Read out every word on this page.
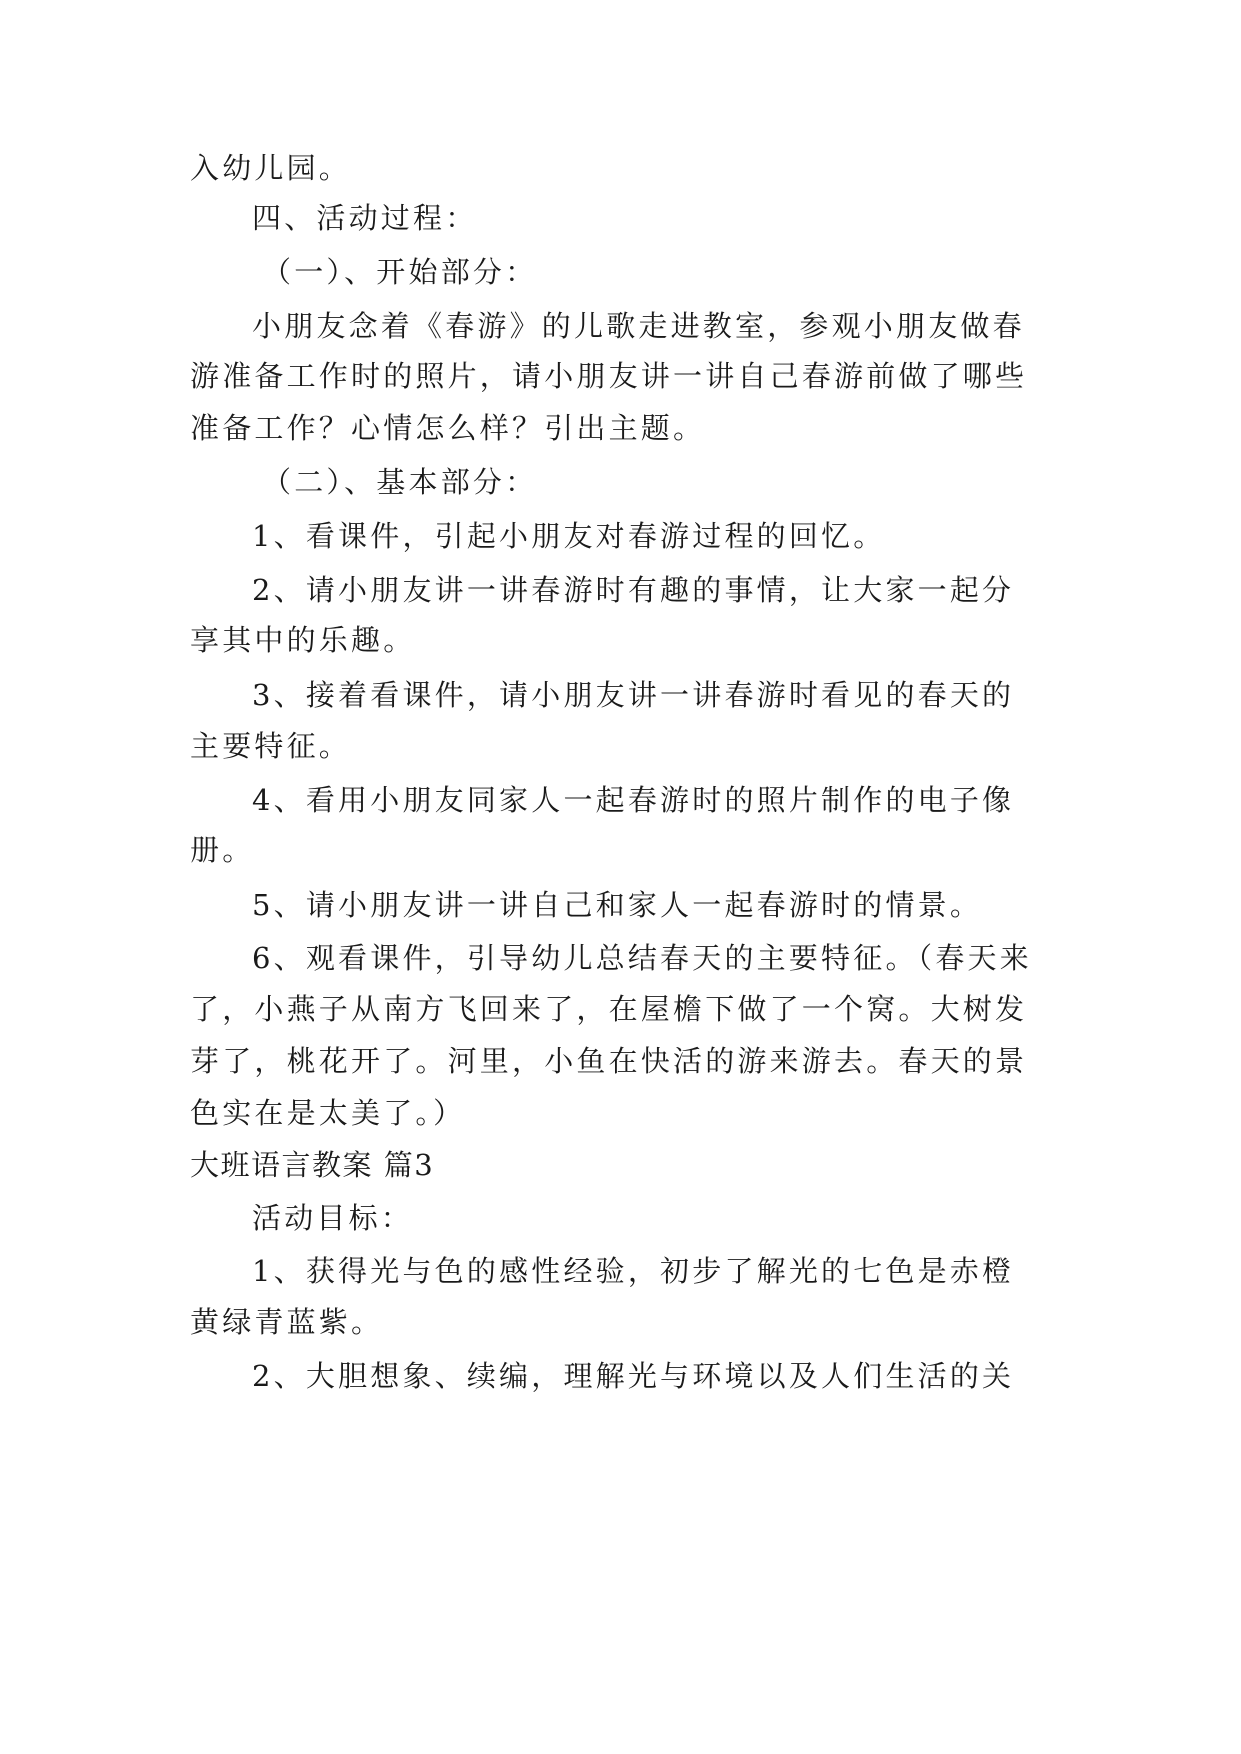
入幼儿园。
四、活动过程：
（一）、开始部分：
小朋友念着《春游》的儿歌走进教室，参观小朋友做春
游准备工作时的照片，请小朋友讲一讲自己春游前做了哪些
准备工作？心情怎么样？引出主题。
（二）、基本部分：
1、看课件，引起小朋友对春游过程的回忆。
2、请小朋友讲一讲春游时有趣的事情，让大家一起分
享其中的乐趣。
3、接着看课件，请小朋友讲一讲春游时看见的春天的
主要特征。
4、看用小朋友同家人一起春游时的照片制作的电子像
册。
5、请小朋友讲一讲自己和家人一起春游时的情景。
6、观看课件，引导幼儿总结春天的主要特征。（春天来
了，小燕子从南方飞回来了，在屋檐下做了一个窝。大树发
芽了，桃花开了。河里，小鱼在快活的游来游去。春天的景
色实在是太美了。）
大班语言教案 篇3
活动目标：
1、获得光与色的感性经验，初步了解光的七色是赤橙
黄绿青蓝紫。
2、大胆想象、续编，理解光与环境以及人们生活的关
